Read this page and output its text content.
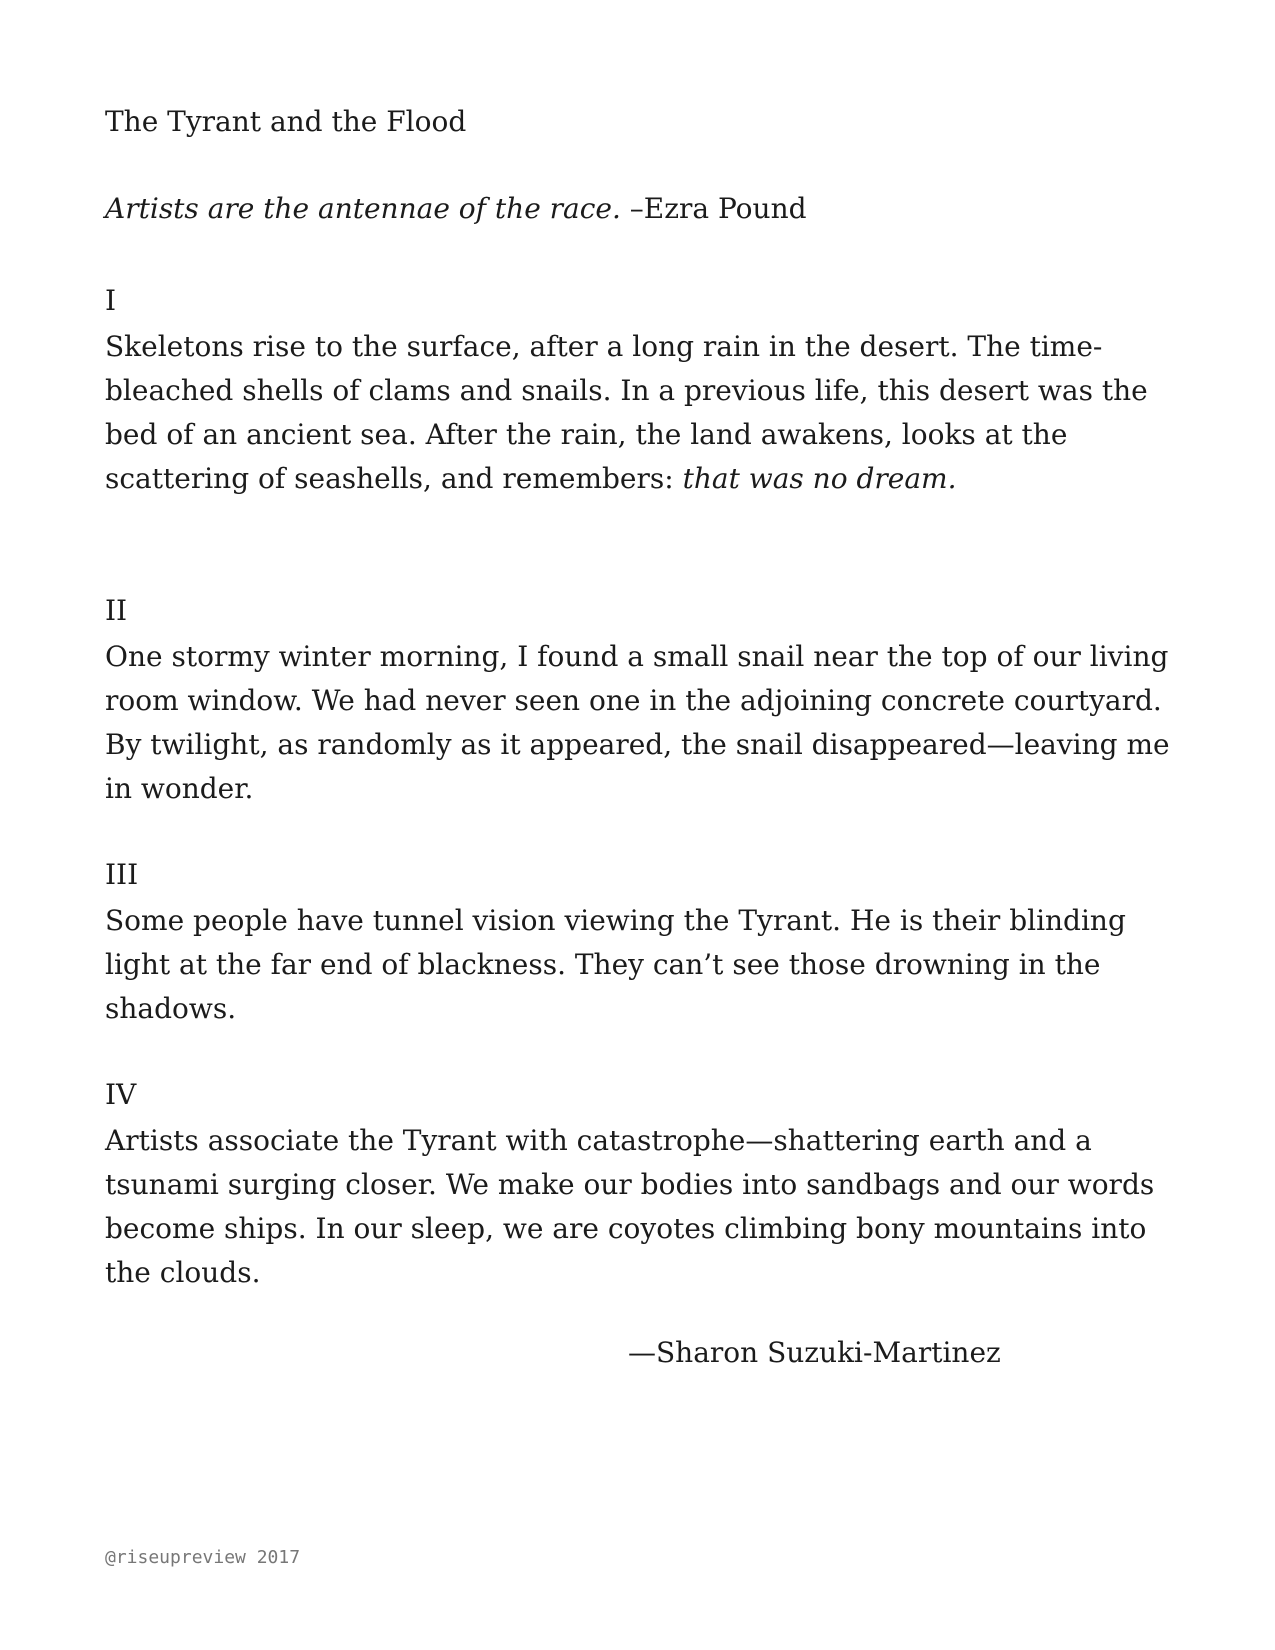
The Tyrant and the Flood
Artists are the antennae of the race. –Ezra Pound

I

Skeletons rise to the surface, after a long rain in the desert. The time-bleached shells of clams and snails. In a previous life, this desert was the bed of an ancient sea. After the rain, the land awakens, looks at the scattering of seashells, and remembers: that was no dream.

II

One stormy winter morning, I found a small snail near the top of our living room window. We had never seen one in the adjoining concrete courtyard. By twilight, as randomly as it appeared, the snail disappeared—leaving me in wonder.

III

Some people have tunnel vision viewing the Tyrant. He is their blinding light at the far end of blackness. They can’t see those drowning in the shadows.

IV

Artists associate the Tyrant with catastrophe—shattering earth and a tsunami surging closer. We make our bodies into sandbags and our words become ships. In our sleep, we are coyotes climbing bony mountains into the clouds.

—Sharon Suzuki-Martinez
@riseupreview 2017
